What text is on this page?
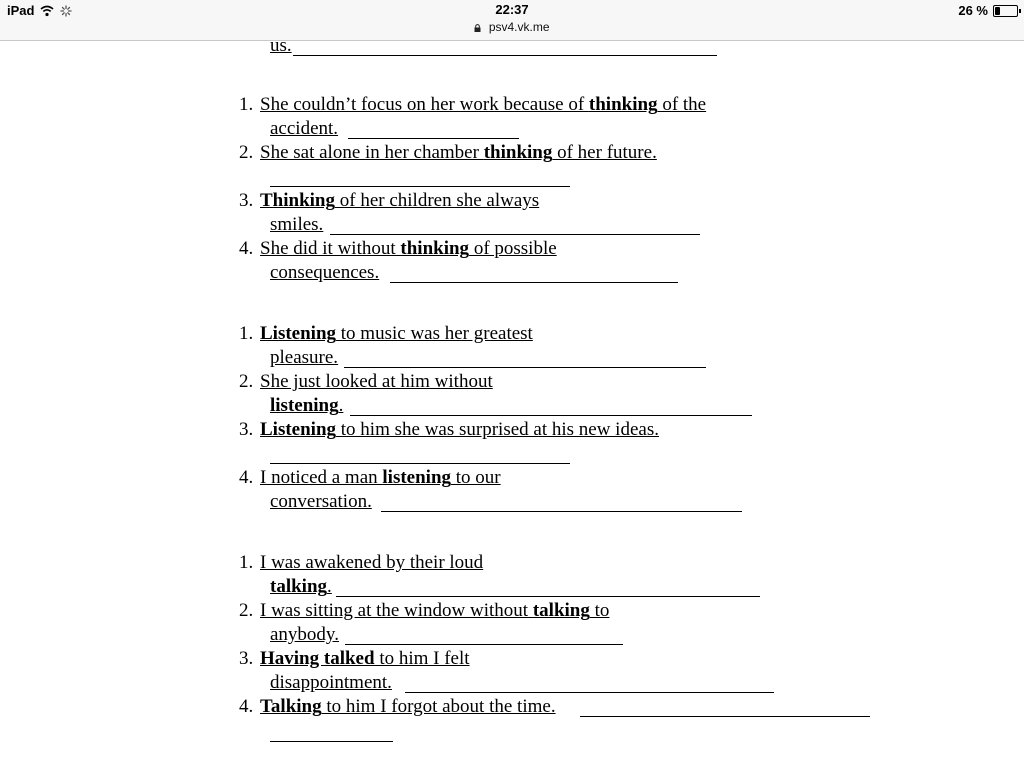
iPad	22:37
psv4.vk.me
26 %
us.
1. She couldn’t focus on her work because of thinking of the
accident.
2. She sat alone in her chamber thinking of her future.
3. Thinking of her children she always
smiles.
4. She did it without thinking of possible
consequences.
1. Listening to music was her greatest
pleasure.
2. She just looked at him without
listening.
3. Listening to him she was surprised at his new ideas.
4. I noticed a man listening to our
conversation.
1. I was awakened by their loud
talking.
2. I was sitting at the window without talking to
anybody.
3. Having talked to him I felt
disappointment.
4. Talking to him I forgot about the time.
